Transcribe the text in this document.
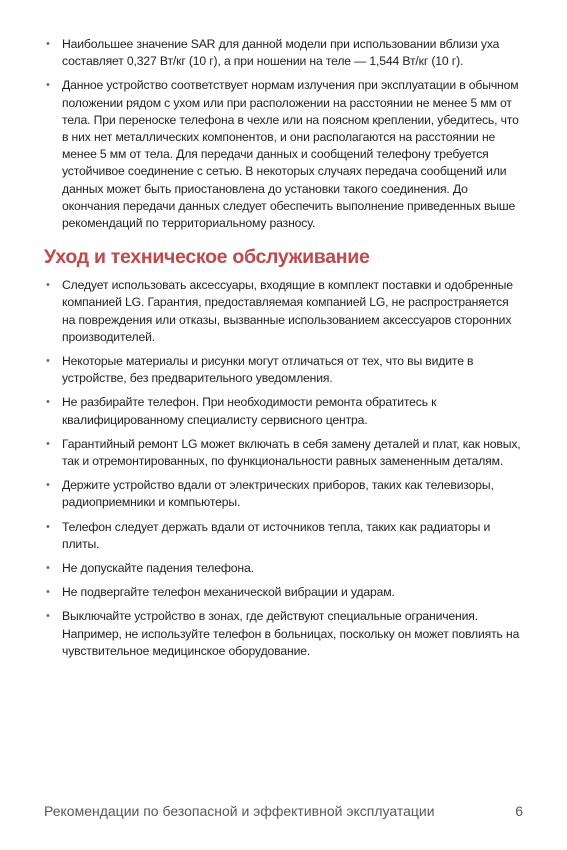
• Наибольшее значение SAR для данной модели при использовании вблизи уха составляет 0,327 Вт/кг (10 г), а при ношении на теле — 1,544 Вт/кг (10 г).
• Данное устройство соответствует нормам излучения при эксплуатации в обычном положении рядом с ухом или при расположении на расстоянии не менее 5 мм от тела. При переноске телефона в чехле или на поясном креплении, убедитесь, что в них нет металлических компонентов, и они располагаются на расстоянии не менее 5 мм от тела. Для передачи данных и сообщений телефону требуется устойчивое соединение с сетью. В некоторых случаях передача сообщений или данных может быть приостановлена до установки такого соединения. До окончания передачи данных следует обеспечить выполнение приведенных выше рекомендаций по территориальному разносу.
Уход и техническое обслуживание
• Следует использовать аксессуары, входящие в комплект поставки и одобренные компанией LG. Гарантия, предоставляемая компанией LG, не распространяется на повреждения или отказы, вызванные использованием аксессуаров сторонних производителей.
• Некоторые материалы и рисунки могут отличаться от тех, что вы видите в устройстве, без предварительного уведомления.
• Не разбирайте телефон. При необходимости ремонта обратитесь к квалифицированному специалисту сервисного центра.
• Гарантийный ремонт LG может включать в себя замену деталей и плат, как новых, так и отремонтированных, по функциональности равных замененным деталям.
• Держите устройство вдали от электрических приборов, таких как телевизоры, радиоприемники и компьютеры.
• Телефон следует держать вдали от источников тепла, таких как радиаторы и плиты.
• Не допускайте падения телефона.
• Не подвергайте телефон механической вибрации и ударам.
• Выключайте устройство в зонах, где действуют специальные ограничения. Например, не используйте телефон в больницах, поскольку он может повлиять на чувствительное медицинское оборудование.
Рекомендации по безопасной и эффективной эксплуатации	6
